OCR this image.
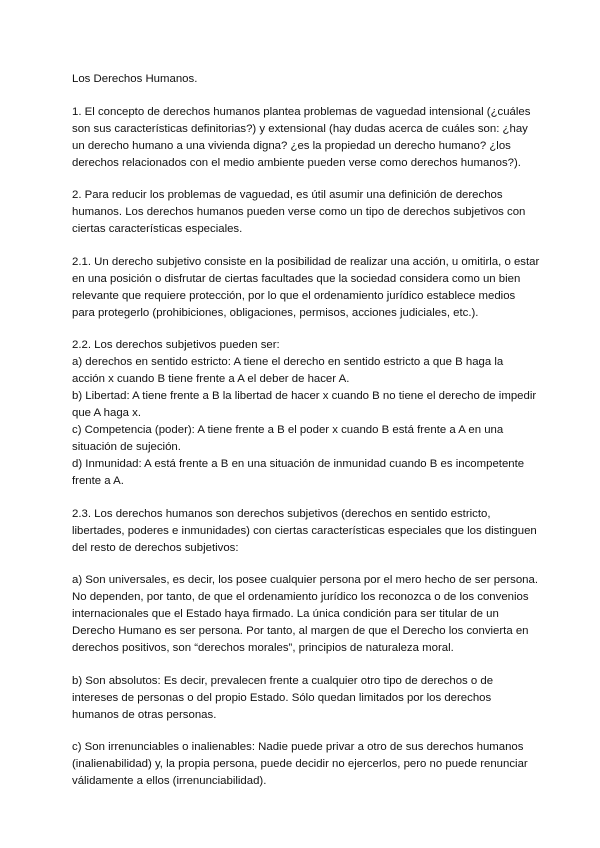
Los Derechos Humanos.
1. El concepto de derechos humanos plantea problemas de vaguedad intensional (¿cuáles
son sus características definitorias?) y extensional (hay dudas acerca de cuáles son: ¿hay
un derecho humano a una vivienda digna? ¿es la propiedad un derecho humano? ¿los
derechos relacionados con el medio ambiente pueden verse como derechos humanos?).
2. Para reducir los problemas de vaguedad, es útil asumir una definición de derechos
humanos. Los derechos humanos pueden verse como un tipo de derechos subjetivos con
ciertas características especiales.
2.1. Un derecho subjetivo consiste en la posibilidad de realizar una acción, u omitirla, o estar
en una posición o disfrutar de ciertas facultades que la sociedad considera como un bien
relevante que requiere protección, por lo que el ordenamiento jurídico establece medios
para protegerlo (prohibiciones, obligaciones, permisos, acciones judiciales, etc.).
2.2. Los derechos subjetivos pueden ser:
a) derechos en sentido estricto: A tiene el derecho en sentido estricto a que B haga la
acción x cuando B tiene frente a A el deber de hacer A.
b) Libertad: A tiene frente a B la libertad de hacer x cuando B no tiene el derecho de impedir
que A haga x.
c) Competencia (poder): A tiene frente a B el poder x cuando B está frente a A en una
situación de sujeción.
d) Inmunidad: A está frente a B en una situación de inmunidad cuando B es incompetente
frente a A.
2.3. Los derechos humanos son derechos subjetivos (derechos en sentido estricto,
libertades, poderes e inmunidades) con ciertas características especiales que los distinguen
del resto de derechos subjetivos:
a) Son universales, es decir, los posee cualquier persona por el mero hecho de ser persona.
No dependen, por tanto, de que el ordenamiento jurídico los reconozca o de los convenios
internacionales que el Estado haya firmado. La única condición para ser titular de un
Derecho Humano es ser persona. Por tanto, al margen de que el Derecho los convierta en
derechos positivos, son “derechos morales”, principios de naturaleza moral.
b) Son absolutos: Es decir, prevalecen frente a cualquier otro tipo de derechos o de
intereses de personas o del propio Estado. Sólo quedan limitados por los derechos
humanos de otras personas.
c) Son irrenunciables o inalienables: Nadie puede privar a otro de sus derechos humanos
(inalienabilidad) y, la propia persona, puede decidir no ejercerlos, pero no puede renunciar
válidamente a ellos (irrenunciabilidad).
